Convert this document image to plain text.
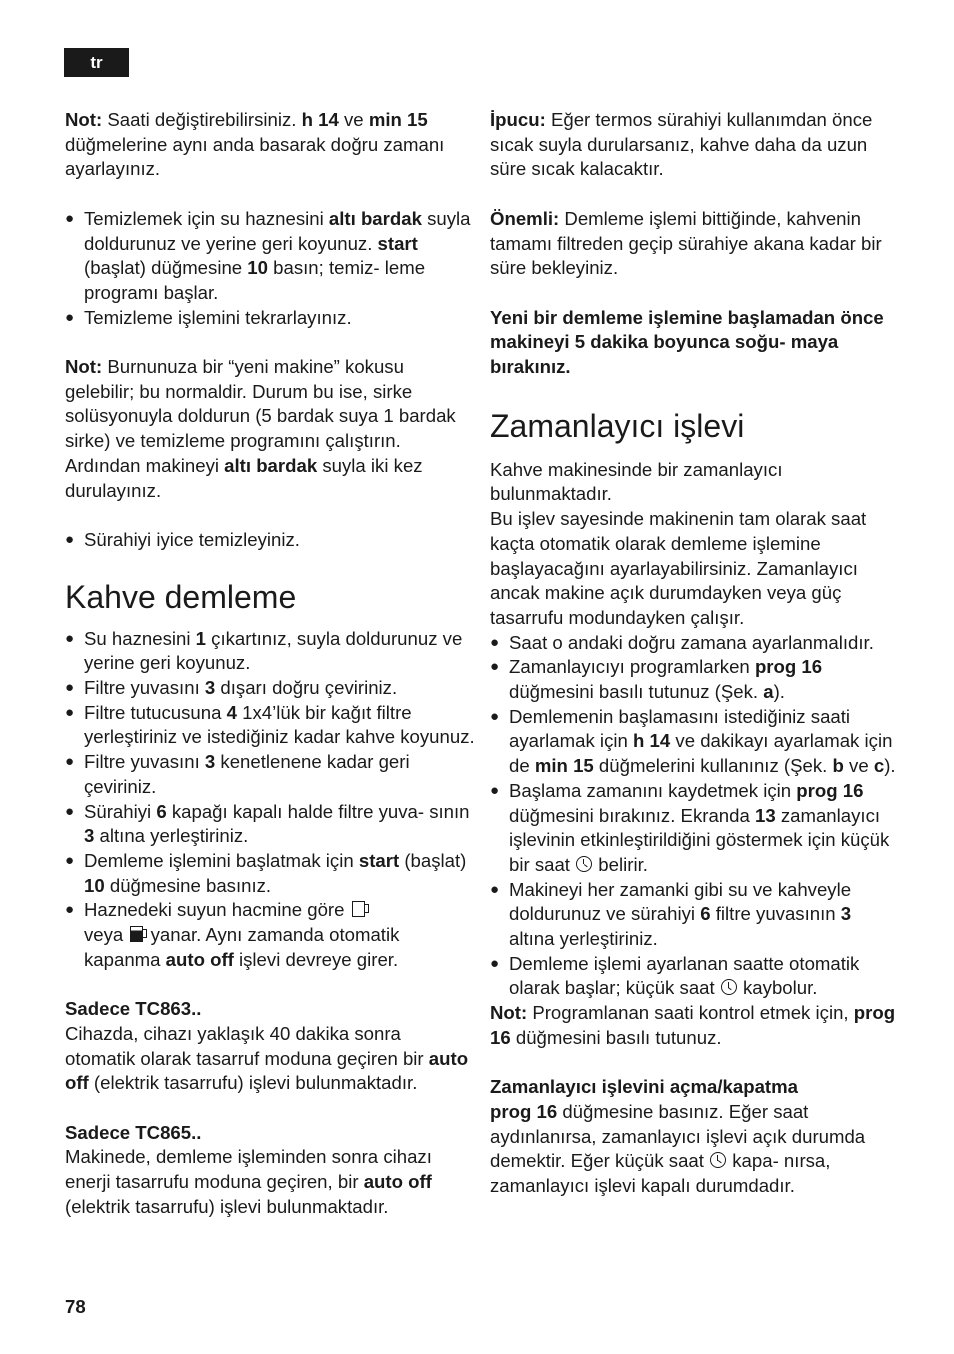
tr

Not: Saati değiştirebilirsiniz. h 14 ve min 15 düğmelerine aynı anda basarak doğru zamanı ayarlayınız.

● Temizlemek için su haznesini altı bardak suyla doldurunuz ve yerine geri koyunuz. start (başlat) düğmesine 10 basın; temiz- leme programı başlar.
● Temizleme işlemini tekrarlayınız.

Not: Burnunuza bir “yeni makine” kokusu gelebilir; bu normaldir. Durum bu ise, sirke solüsyonuyla doldurun (5 bardak suya 1 bardak sirke) ve temizleme programını çalıştırın. Ardından makineyi altı bardak suyla iki kez durulayınız.

● Sürahiyi iyice temizleyiniz.
Kahve demleme
● Su haznesini 1 çıkartınız, suyla doldurunuz ve yerine geri koyunuz.
● Filtre yuvasını 3 dışarı doğru çeviriniz.
● Filtre tutucusuna 4 1x4’lük bir kağıt filtre yerleştiriniz ve istediğiniz kadar kahve koyunuz.
● Filtre yuvasını 3 kenetlenene kadar geri çeviriniz.
● Sürahiyi 6 kapağı kapalı halde filtre yuva- sının 3 altına yerleştiriniz.
● Demleme işlemini başlatmak için start (başlat) 10 düğmesine basınız.
● Haznedeki suyun hacmine göre
veya  yanar. Aynı zamanda otomatik kapanma auto off işlevi devreye girer.

Sadece TC863..
Cihazda, cihazı yaklaşık 40 dakika sonra otomatik olarak tasarruf moduna geçiren bir auto off (elektrik tasarrufu) işlevi bulunmaktadır.

Sadece TC865..
Makinede, demleme işleminden sonra cihazı enerji tasarrufu moduna geçiren, bir auto off (elektrik tasarrufu) işlevi bulunmaktadır.

İpucu: Eğer termos sürahiyi kullanımdan önce sıcak suyla durularsanız, kahve daha da uzun süre sıcak kalacaktır.

Önemli: Demleme işlemi bittiğinde, kahvenin tamamı filtreden geçip sürahiye akana kadar bir süre bekleyiniz.

Yeni bir demleme işlemine başlamadan önce makineyi 5 dakika boyunca soğu- maya bırakınız.

Zamanlayıcı işlevi

Kahve makinesinde bir zamanlayıcı bulunmaktadır.

Bu işlev sayesinde makinenin tam olarak saat kaçta otomatik olarak demleme işlemine başlayacağını ayarlayabilirsiniz. Zamanlayıcı ancak makine açık durumdayken veya güç tasarrufu modundayken çalışır.

● Saat o andaki doğru zamana ayarlanmalıdır.
● Zamanlayıcıyı programlarken prog 16 düğmesini basılı tutunuz (Şek. a).
● Demlemenin başlamasını istediğiniz saati ayarlamak için h 14 ve dakikayı ayarlamak için de min 15 düğmelerini kullanınız (Şek. b ve c).
● Başlama zamanını kaydetmek için prog 16 düğmesini bırakınız. Ekranda 13 zamanlayıcı işlevinin etkinleştirildiğini göstermek için küçük bir saat  belirir.
● Makineyi her zamanki gibi su ve kahveyle doldurunuz ve sürahiyi 6 filtre yuvasının 3 altına yerleştiriniz.
● Demleme işlemi ayarlanan saatte otomatik olarak başlar; küçük saat  kaybolur.

Not: Programlanan saati kontrol etmek için, prog 16 düğmesini basılı tutunuz.

Zamanlayıcı işlevini açma/kapatma
prog 16 düğmesine basınız. Eğer saat aydınlanırsa, zamanlayıcı işlevi açık durumda demektir. Eğer küçük saat  kapa- nırsa, zamanlayıcı işlevi kapalı durumdadır.

78
